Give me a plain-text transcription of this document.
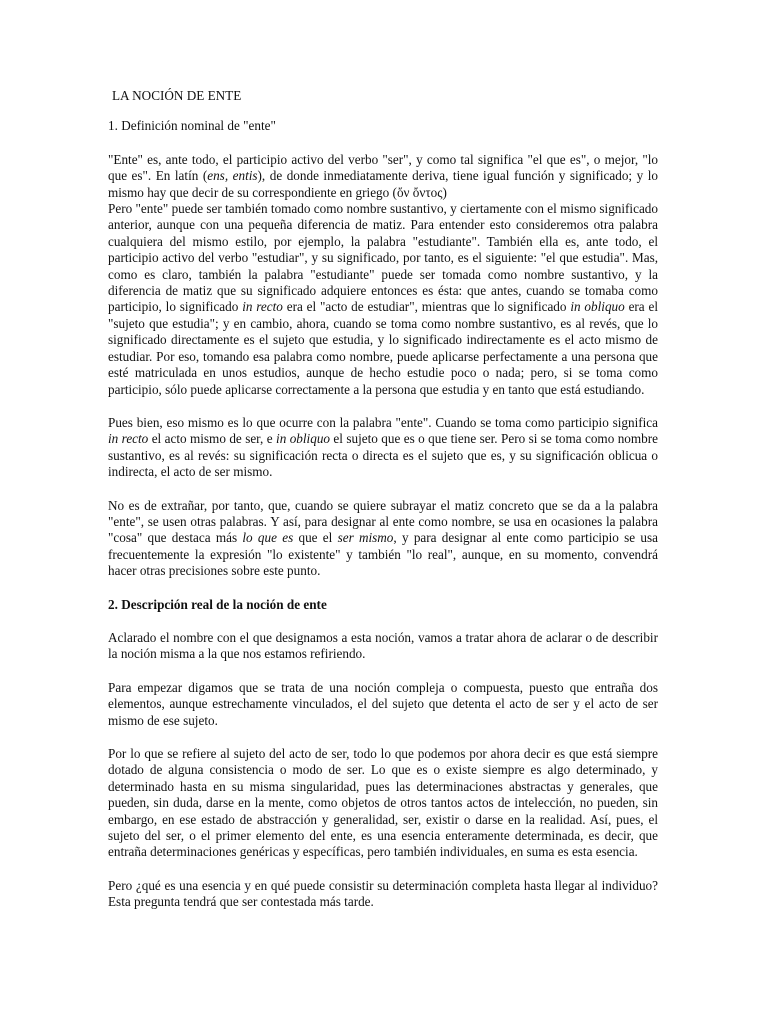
LA NOCIÓN DE ENTE
1. Definición nominal de "ente"

"Ente" es, ante todo, el participio activo del verbo "ser", y como tal significa "el que es", o mejor, "lo que es". En latín (ens, entis), de donde inmediatamente deriva, tiene igual función y significado; y lo mismo hay que decir de su correspondiente en griego (ὄν ὄντος)

Pero "ente" puede ser también tomado como nombre sustantivo, y ciertamente con el mismo significado anterior, aunque con una pequeña diferencia de matiz. Para entender esto consideremos otra palabra cualquiera del mismo estilo, por ejemplo, la palabra "estudiante". También ella es, ante todo, el participio activo del verbo "estudiar", y su significado, por tanto, es el siguiente: "el que estudia". Mas, como es claro, también la palabra "estudiante" puede ser tomada como nombre sustantivo, y la diferencia de matiz que su significado adquiere entonces es ésta: que antes, cuando se tomaba como participio, lo significado in recto era el "acto de estudiar", mientras que lo significado in obliquo era el "sujeto que estudia"; y en cambio, ahora, cuando se toma como nombre sustantivo, es al revés, que lo significado directamente es el sujeto que estudia, y lo significado indirectamente es el acto mismo de estudiar. Por eso, tomando esa palabra como nombre, puede aplicarse perfectamente a una persona que esté matriculada en unos estudios, aunque de hecho estudie poco o nada; pero, si se toma como participio, sólo puede aplicarse correctamente a la persona que estudia y en tanto que está estudiando.

Pues bien, eso mismo es lo que ocurre con la palabra "ente". Cuando se toma como participio significa in recto el acto mismo de ser, e in obliquo el sujeto que es o que tiene ser. Pero si se toma como nombre sustantivo, es al revés: su significación recta o directa es el sujeto que es, y su significación oblicua o indirecta, el acto de ser mismo.

No es de extrañar, por tanto, que, cuando se quiere subrayar el matiz concreto que se da a la palabra "ente", se usen otras palabras. Y así, para designar al ente como nombre, se usa en ocasiones la palabra "cosa" que destaca más lo que es que el ser mismo, y para designar al ente como participio se usa frecuentemente la expresión "lo existente" y también "lo real", aunque, en su momento, convendrá hacer otras precisiones sobre este punto.

2. Descripción real de la noción de ente

Aclarado el nombre con el que designamos a esta noción, vamos a tratar ahora de aclarar o de describir la noción misma a la que nos estamos refiriendo.

Para empezar digamos que se trata de una noción compleja o compuesta, puesto que entraña dos elementos, aunque estrechamente vinculados, el del sujeto que detenta el acto de ser y el acto de ser mismo de ese sujeto.

Por lo que se refiere al sujeto del acto de ser, todo lo que podemos por ahora decir es que está siempre dotado de alguna consistencia o modo de ser. Lo que es o existe siempre es algo determinado, y determinado hasta en su misma singularidad, pues las determinaciones abstractas y generales, que pueden, sin duda, darse en la mente, como objetos de otros tantos actos de intelección, no pueden, sin embargo, en ese estado de abstracción y generalidad, ser, existir o darse en la realidad. Así, pues, el sujeto del ser, o el primer elemento del ente, es una esencia enteramente determinada, es decir, que entraña determinaciones genéricas y específicas, pero también individuales, en suma es esta esencia.

Pero ¿qué es una esencia y en qué puede consistir su determinación completa hasta llegar al individuo? Esta pregunta tendrá que ser contestada más tarde.
